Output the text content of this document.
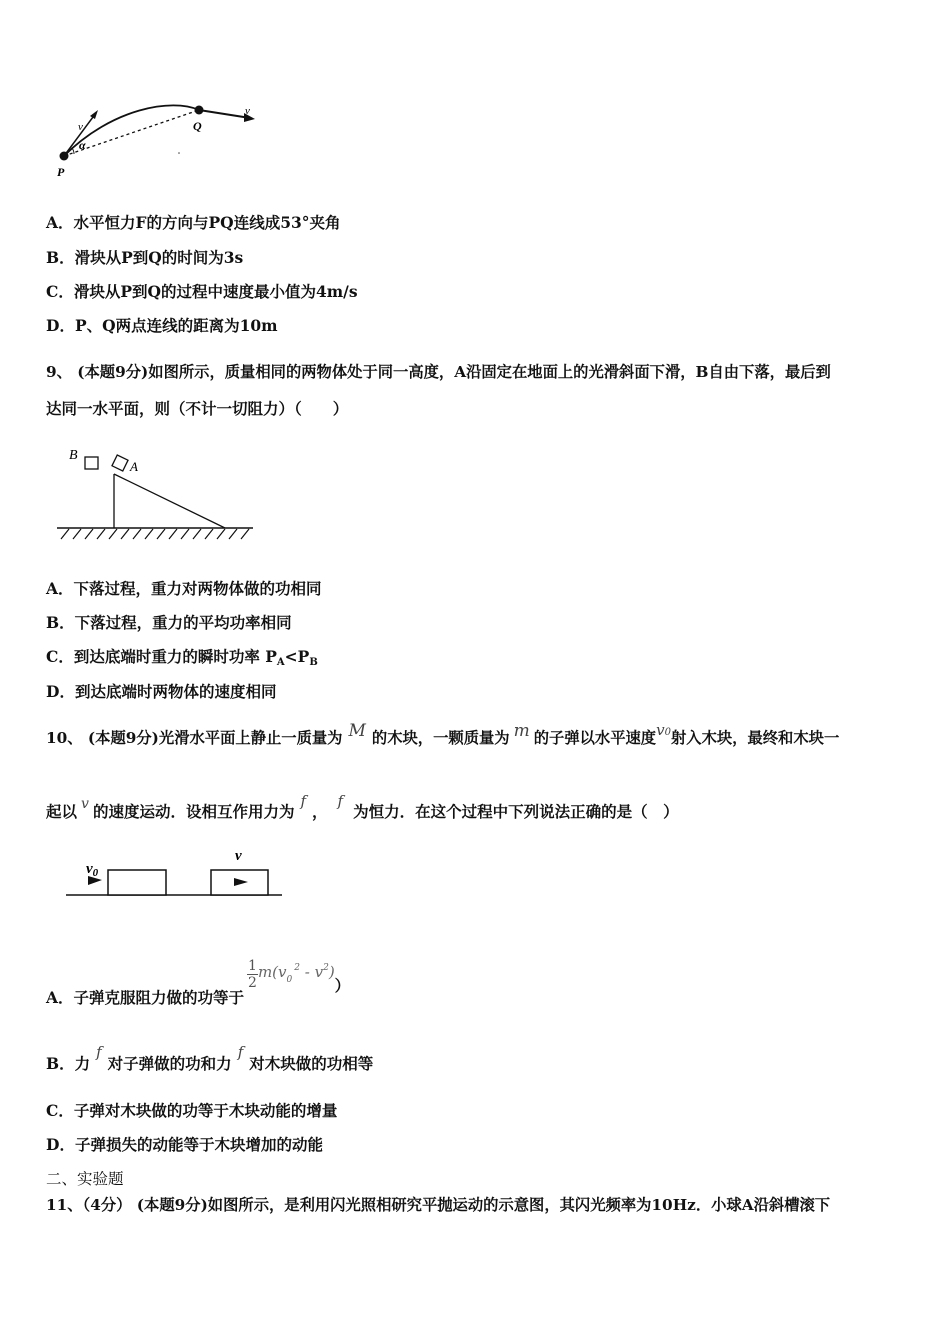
v
α
P
Q
v
A．水平恒力F的方向与PQ连线成53°夹角
B．滑块从P到Q的时间为3s
C．滑块从P到Q的过程中速度最小值为4m/s
D．P、Q两点连线的距离为10m
9、 (本题9分)如图所示，质量相同的两物体处于同一高度，A沿固定在地面上的光滑斜面下滑，B自由下落，最后到
达同一水平面，则（不计一切阻力）（　　）
B
A
A．下落过程，重力对两物体做的功相同
B．下落过程，重力的平均功率相同
C．到达底端时重力的瞬时功率 $P_A<P_B$
D．到达底端时两物体的速度相同
10、 (本题9分)光滑水平面上静止一质量为 M 的木块，一颗质量为 m 的子弹以水平速度v0射入木块，最终和木块一
起以 v 的速度运动．设相互作用力为f，f为恒力．在这个过程中下列说法正确的是（　）
$v_0$
v
A．子弹克服阻力做的功等于
$\frac{1}{2} m(v_0^2 - v^2)$）
B．力f对子弹做的功和力f对木块做的功相等
C．子弹对木块做的功等于木块动能的增量
D．子弹损失的动能等于木块增加的动能
二、实验题
11、（4分） (本题9分)如图所示，是利用闪光照相研究平抛运动的示意图，其闪光频率为10Hz．小球A沿斜槽滚下
